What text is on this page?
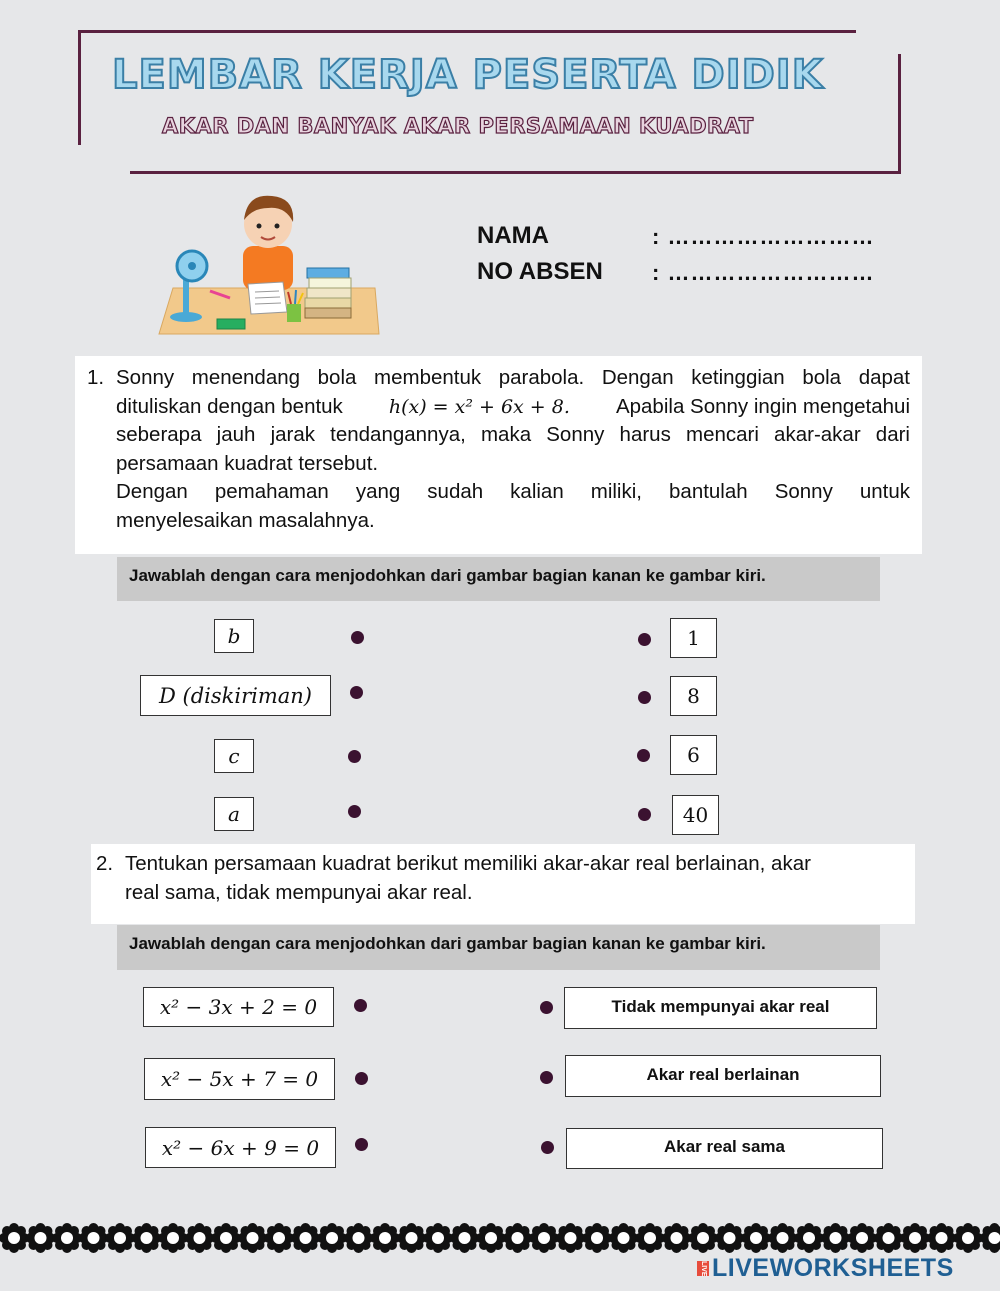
LEMBAR KERJA PESERTA DIDIK
AKAR DAN BANYAK AKAR PERSAMAAN KUADRAT
NAMA	: ………………………
NO ABSEN : ………………………
1. Sonny menendang bola membentuk parabola. Dengan ketinggian bola dapat
dituliskan dengan bentuk h(x) = x² + 6x + 8. Apabila Sonny ingin mengetahui
seberapa jauh jarak tendangannya, maka Sonny harus mencari akar-akar dari
persamaan kuadrat tersebut.
Dengan pemahaman yang sudah kalian miliki, bantulah Sonny untuk
menyelesaikan masalahnya.
Jawablah dengan cara menjodohkan dari gambar bagian kanan ke gambar kiri.
b
D (diskiriman)
c
a
1
8
6
40
2. Tentukan persamaan kuadrat berikut memiliki akar-akar real berlainan, akar
real sama, tidak mempunyai akar real.
Jawablah dengan cara menjodohkan dari gambar bagian kanan ke gambar kiri.
x² − 3x + 2 = 0
x² − 5x + 7 = 0
x² − 6x + 9 = 0
Tidak mempunyai akar real
Akar real berlainan
Akar real sama
LIVE LIVEWORKSHEETS
